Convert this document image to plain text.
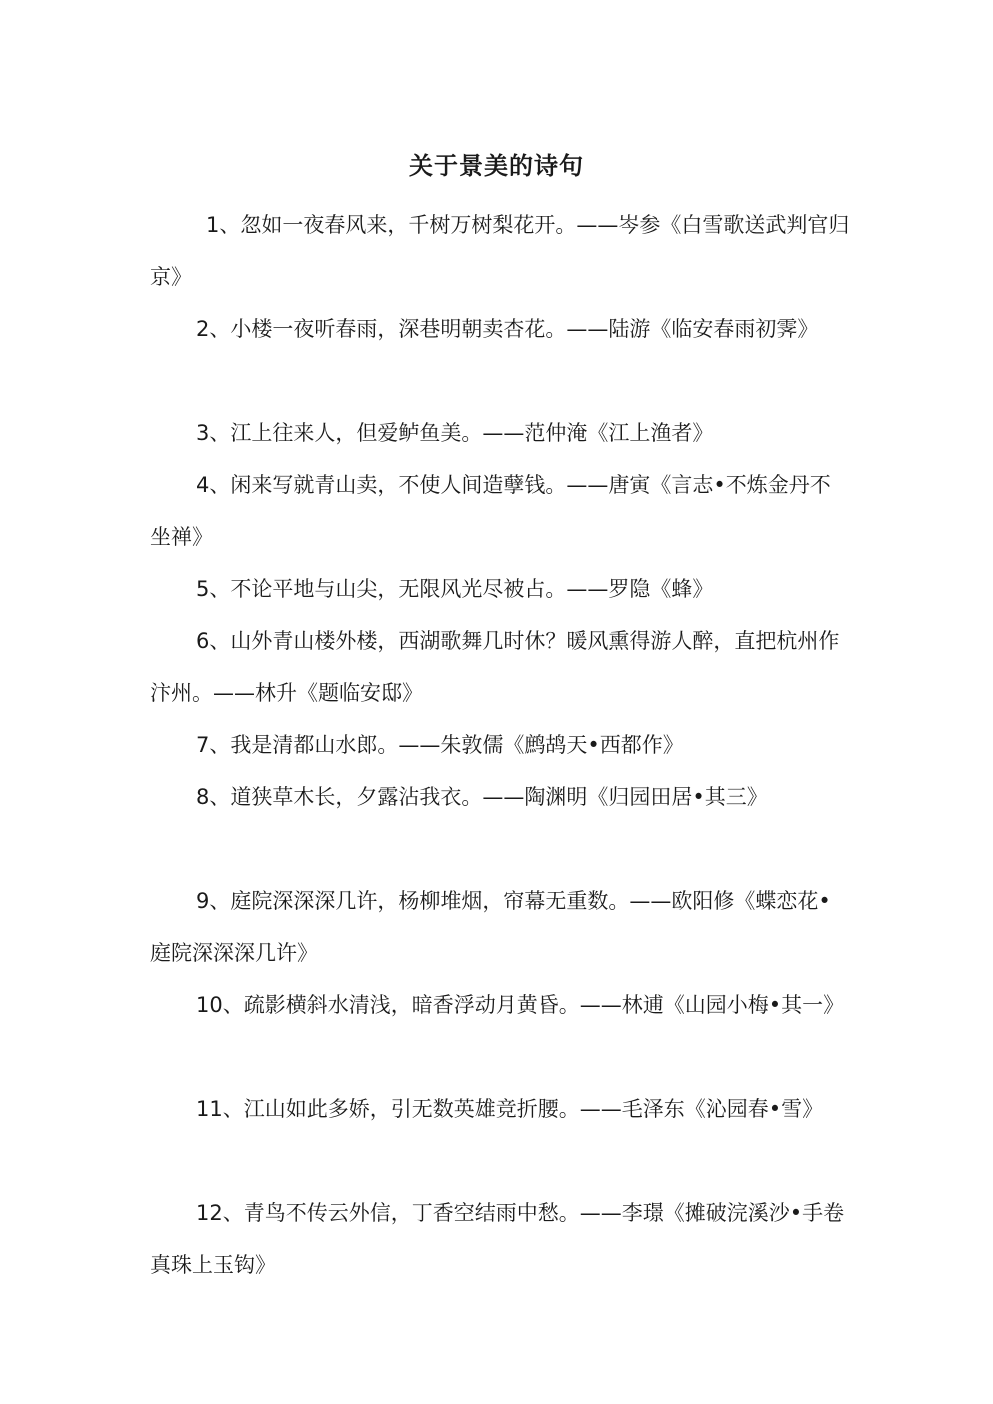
关于景美的诗句

1、忽如一夜春风来，千树万树梨花开。——岑参《白雪歌送武判官归京》

2、小楼一夜听春雨，深巷明朝卖杏花。——陆游《临安春雨初霁》

3、江上往来人，但爱鲈鱼美。——范仲淹《江上渔者》

4、闲来写就青山卖，不使人间造孽钱。——唐寅《言志•不炼金丹不坐禅》

5、不论平地与山尖，无限风光尽被占。——罗隐《蜂》

6、山外青山楼外楼，西湖歌舞几时休？暖风熏得游人醉，直把杭州作汴州。——林升《题临安邸》

7、我是清都山水郎。——朱敦儒《鹧鸪天•西都作》

8、道狭草木长，夕露沾我衣。——陶渊明《归园田居•其三》

9、庭院深深深几许，杨柳堆烟，帘幕无重数。——欧阳修《蝶恋花•庭院深深深几许》

10、疏影横斜水清浅，暗香浮动月黄昏。——林逋《山园小梅•其一》

11、江山如此多娇，引无数英雄竞折腰。——毛泽东《沁园春•雪》

12、青鸟不传云外信，丁香空结雨中愁。——李璟《摊破浣溪沙•手卷真珠上玉钩》
